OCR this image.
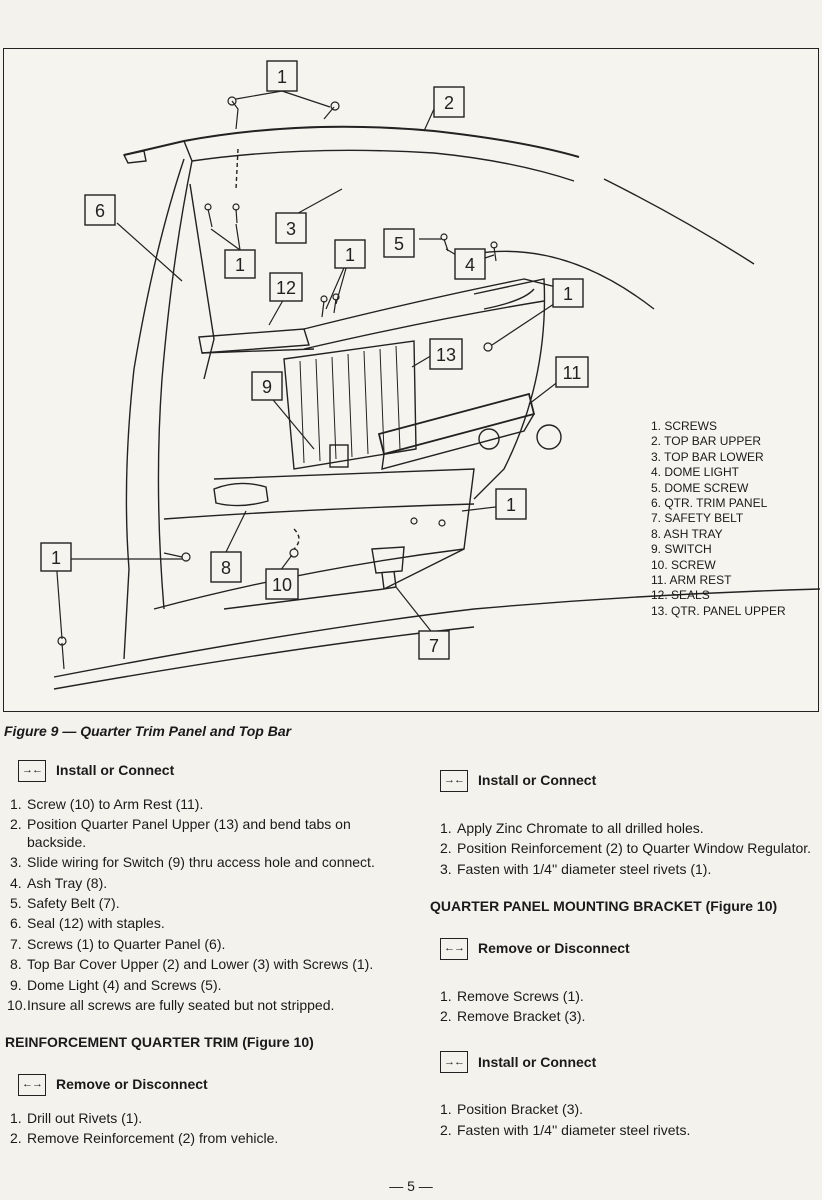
1
2
6
3
1	1
5
4
12	1
13
9
11
1
1	8
10
7
1. SCREWS
2. TOP BAR UPPER
3. TOP BAR LOWER
4. DOME LIGHT
5. DOME SCREW
6. QTR. TRIM PANEL
7. SAFETY BELT
8. ASH TRAY
9. SWITCH
10. SCREW
11. ARM REST
12. SEALS
13. QTR. PANEL UPPER
Figure 9 — Quarter Trim Panel and Top Bar
→← Install or Connect
1. Screw (10) to Arm Rest (11).
2. Position Quarter Panel Upper (13) and bend tabs on backside.
3. Slide wiring for Switch (9) thru access hole and connect.
4. Ash Tray (8).
5. Safety Belt (7).
6. Seal (12) with staples.
7. Screws (1) to Quarter Panel (6).
8. Top Bar Cover Upper (2) and Lower (3) with Screws (1).
9. Dome Light (4) and Screws (5).
10. Insure all screws are fully seated but not stripped.
REINFORCEMENT QUARTER TRIM (Figure 10)
←→ Remove or Disconnect
1. Drill out Rivets (1).
2. Remove Reinforcement (2) from vehicle.
→← Install or Connect
1. Apply Zinc Chromate to all drilled holes.
2. Position Reinforcement (2) to Quarter Window Regulator.
3. Fasten with 1/4'' diameter steel rivets (1).
QUARTER PANEL MOUNTING BRACKET (Figure 10)
←→ Remove or Disconnect
1. Remove Screws (1).
2. Remove Bracket (3).
→← Install or Connect
1. Position Bracket (3).
2. Fasten with 1/4'' diameter steel rivets.
— 5 —
